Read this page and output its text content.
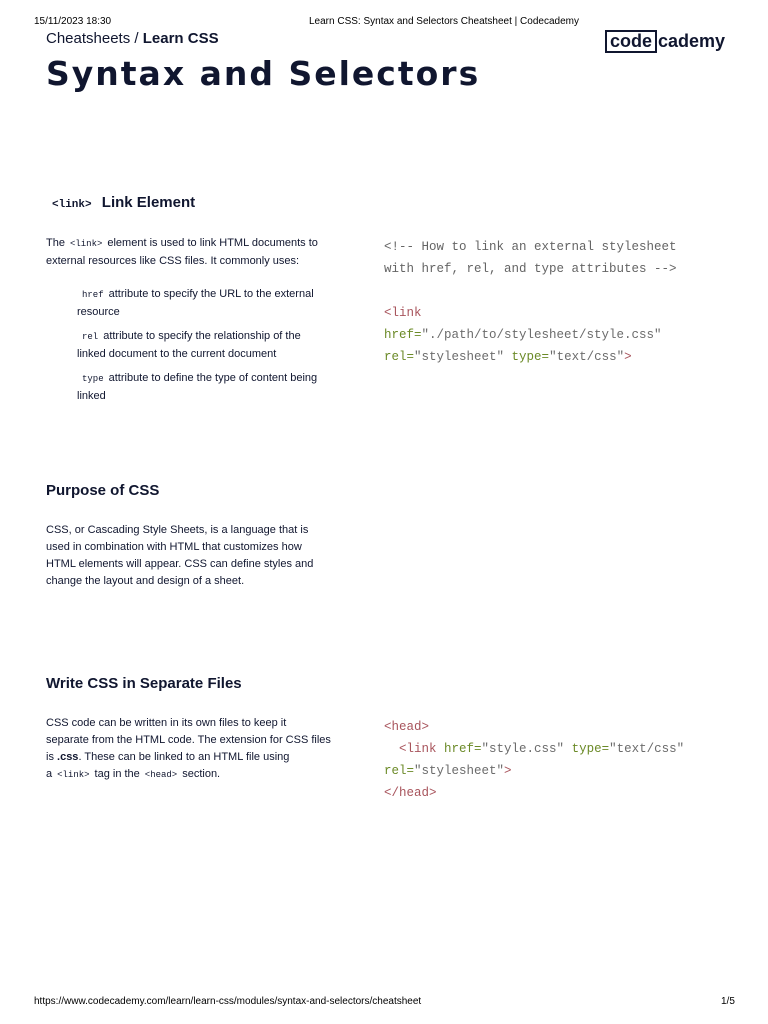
15/11/2023 18:30	Learn CSS: Syntax and Selectors Cheatsheet | Codecademy
Cheatsheets / Learn CSS	code cademy
Syntax and Selectors
<link> Link Element
The <link> element is used to link HTML documents to external resources like CSS files. It commonly uses:
href attribute to specify the URL to the external resource
rel attribute to specify the relationship of the linked document to the current document
type attribute to define the type of content being linked
<!-- How to link an external stylesheet
with href, rel, and type attributes -->

<link
href="./path/to/stylesheet/style.css"
rel="stylesheet" type="text/css">
Purpose of CSS
CSS, or Cascading Style Sheets, is a language that is used in combination with HTML that customizes how HTML elements will appear. CSS can define styles and change the layout and design of a sheet.
Write CSS in Separate Files
CSS code can be written in its own files to keep it separate from the HTML code. The extension for CSS files is .css. These can be linked to an HTML file using a <link> tag in the <head> section.
<head>
<link href="style.css" type="text/css"
rel="stylesheet">
</head>
https://www.codecademy.com/learn/learn-css/modules/syntax-and-selectors/cheatsheet	1/5
